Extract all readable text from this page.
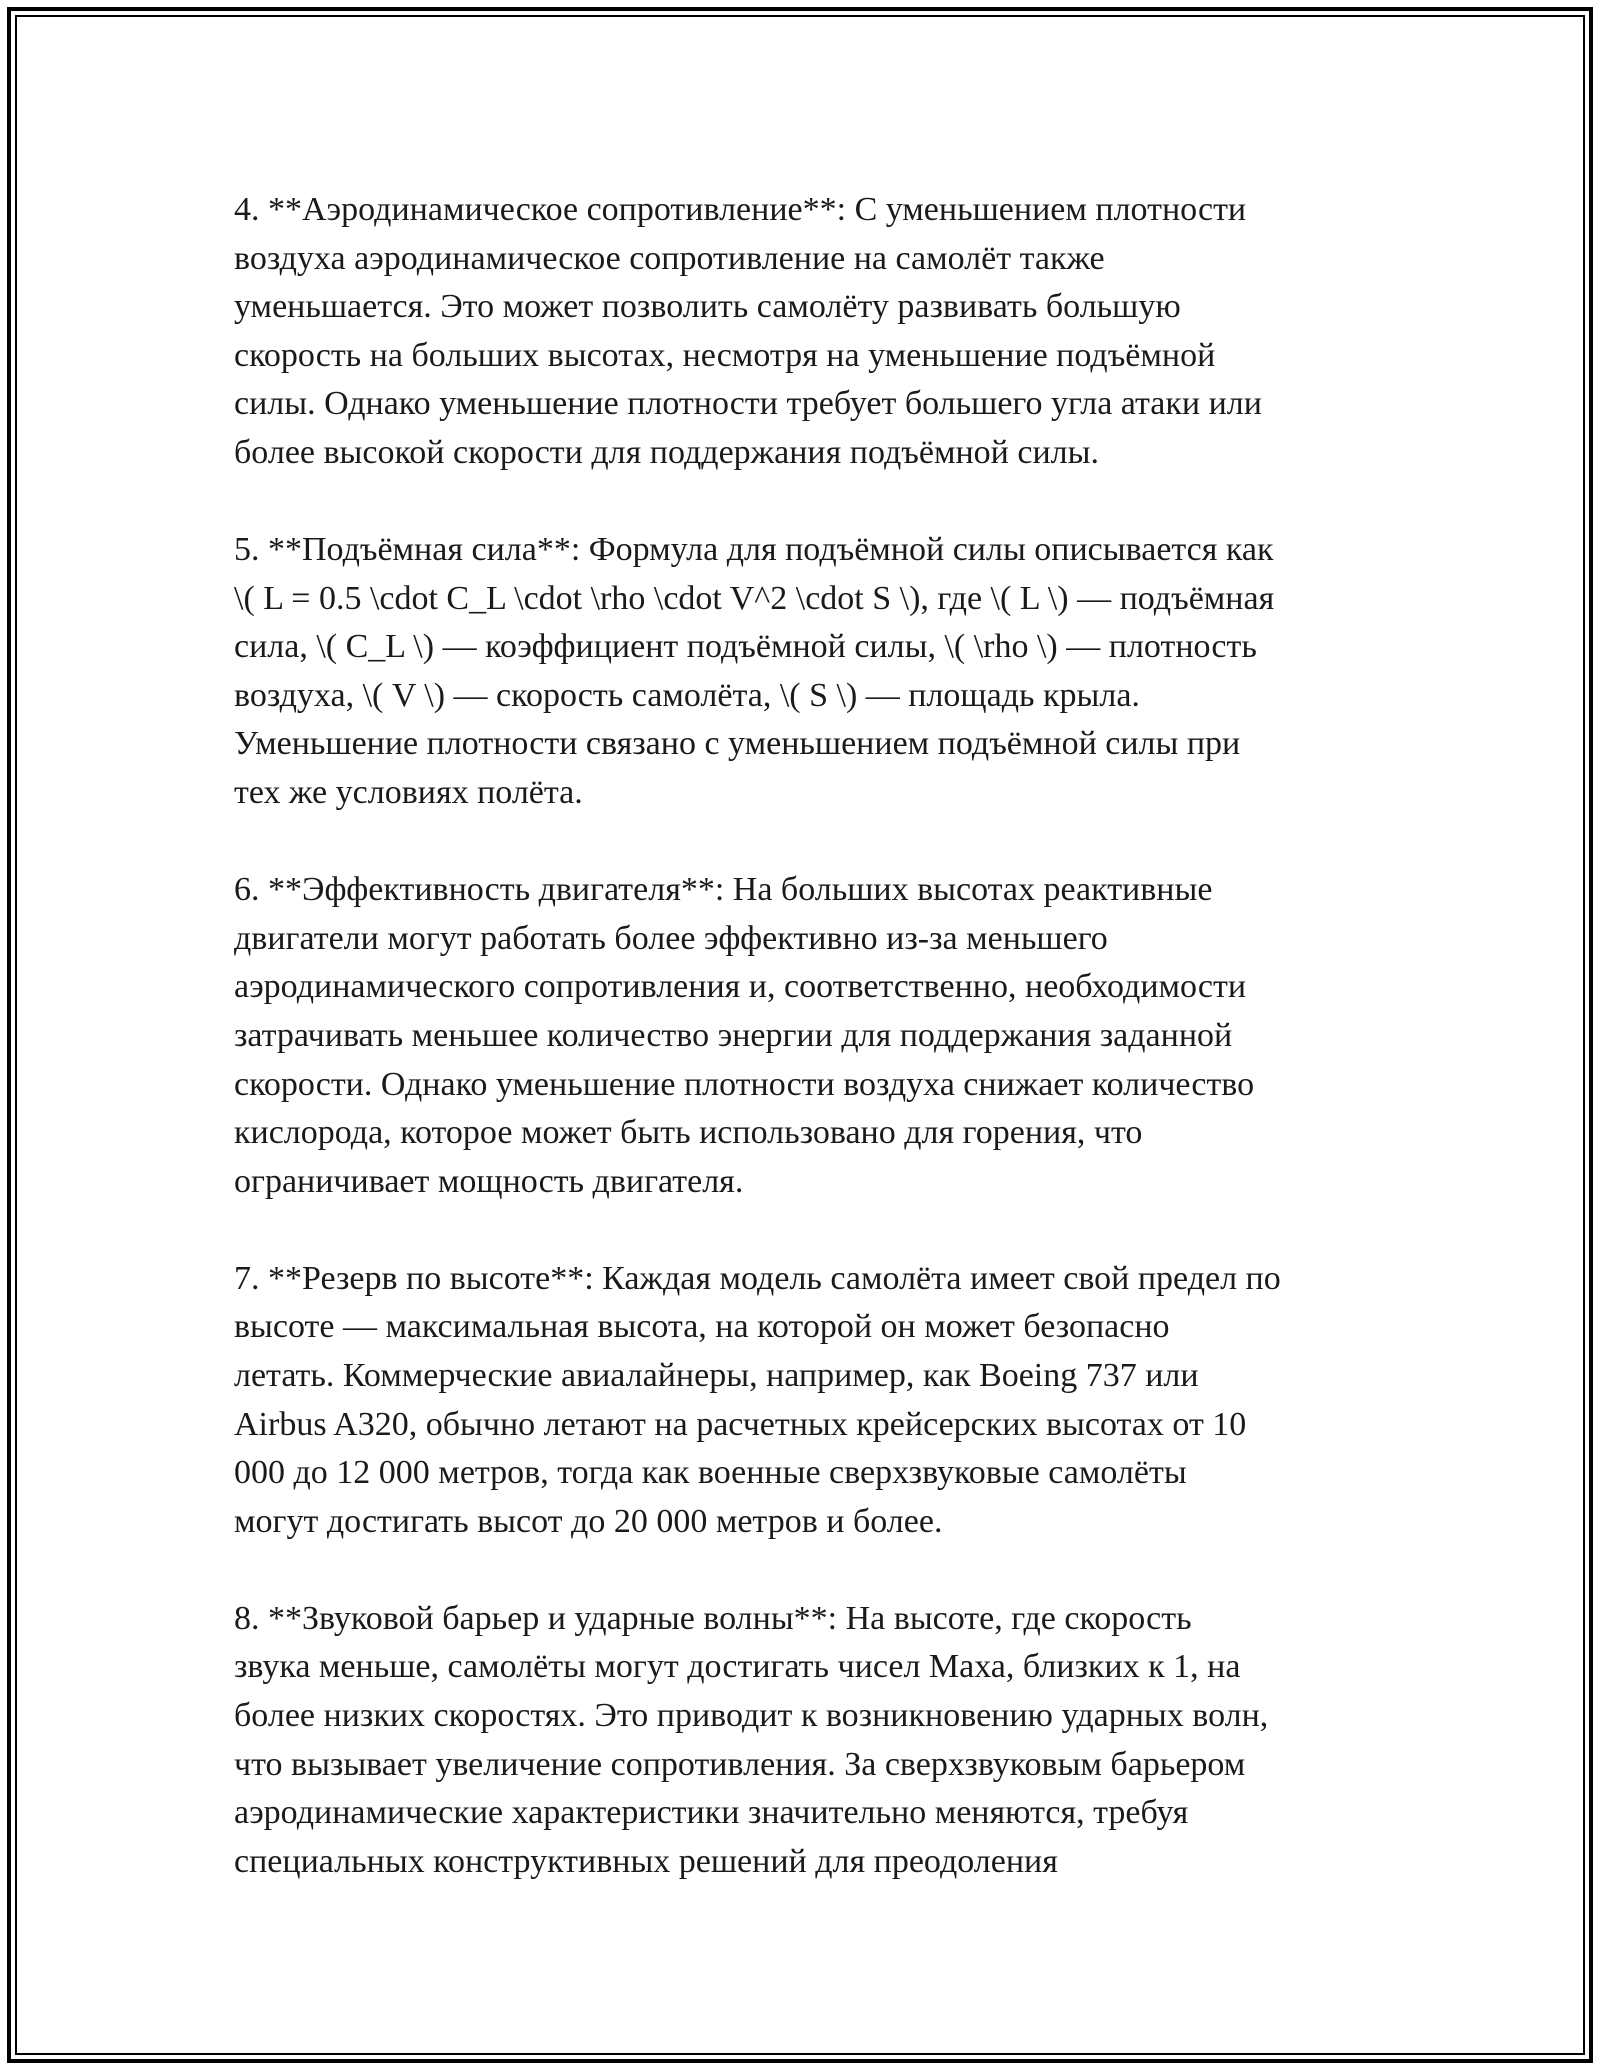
4. **Аэродинамическое сопротивление**: С уменьшением плотности
воздуха аэродинамическое сопротивление на самолёт также
уменьшается. Это может позволить самолёту развивать большую
скорость на больших высотах, несмотря на уменьшение подъёмной
силы. Однако уменьшение плотности требует большего угла атаки или
более высокой скорости для поддержания подъёмной силы.

5. **Подъёмная сила**: Формула для подъёмной силы описывается как
\( L = 0.5 \cdot C_L \cdot \rho \cdot V^2 \cdot S \), где \( L \) — подъёмная
сила, \( C_L \) — коэффициент подъёмной силы, \( \rho \) — плотность
воздуха, \( V \) — скорость самолёта, \( S \) — площадь крыла.
Уменьшение плотности связано с уменьшением подъёмной силы при
тех же условиях полёта.

6. **Эффективность двигателя**: На больших высотах реактивные
двигатели могут работать более эффективно из-за меньшего
аэродинамического сопротивления и, соответственно, необходимости
затрачивать меньшее количество энергии для поддержания заданной
скорости. Однако уменьшение плотности воздуха снижает количество
кислорода, которое может быть использовано для горения, что
ограничивает мощность двигателя.

7. **Резерв по высоте**: Каждая модель самолёта имеет свой предел по
высоте — максимальная высота, на которой он может безопасно
летать. Коммерческие авиалайнеры, например, как Boeing 737 или
Airbus A320, обычно летают на расчетных крейсерских высотах от 10
000 до 12 000 метров, тогда как военные сверхзвуковые самолёты
могут достигать высот до 20 000 метров и более.

8. **Звуковой барьер и ударные волны**: На высоте, где скорость
звука меньше, самолёты могут достигать чисел Маха, близких к 1, на
более низких скоростях. Это приводит к возникновению ударных волн,
что вызывает увеличение сопротивления. За сверхзвуковым барьером
аэродинамические характеристики значительно меняются, требуя
специальных конструктивных решений для преодоления
